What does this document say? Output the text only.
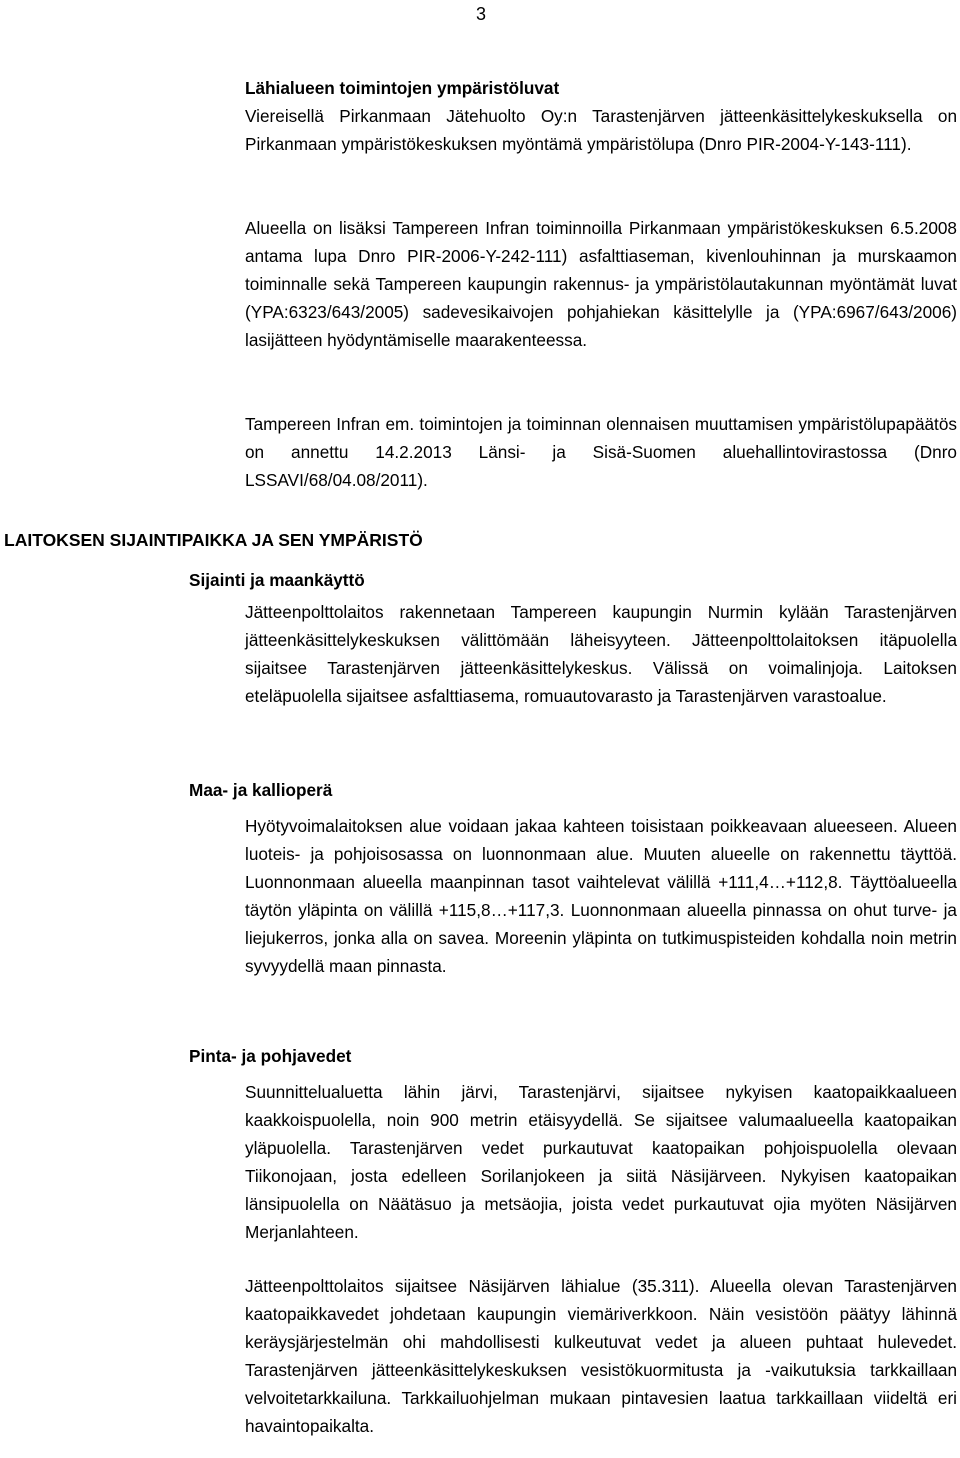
3
Lähialueen toimintojen ympäristöluvat
Viereisellä Pirkanmaan Jätehuolto Oy:n Tarastenjärven jätteenkäsittelykeskuksella on Pirkanmaan ympäristökeskuksen myöntämä ympäristölupa (Dnro PIR-2004-Y-143-111).
Alueella on lisäksi Tampereen Infran toiminnoilla Pirkanmaan ympäristökeskuksen 6.5.2008 antama lupa Dnro PIR-2006-Y-242-111) asfalttiaseman, kivenlouhinnan ja murskaamon toiminnalle sekä Tampereen kaupungin rakennus- ja ympäristölautakunnan myöntämät luvat (YPA:6323/643/2005) sadevesikaivojen pohjahiekan käsittelylle ja (YPA:6967/643/2006) lasijätteen hyödyntämiselle maarakenteessa.
Tampereen Infran em. toimintojen ja toiminnan olennaisen muuttamisen ympäristölupapäätös on annettu 14.2.2013 Länsi- ja Sisä-Suomen aluehallintovirastossa (Dnro LSSAVI/68/04.08/2011).
LAITOKSEN SIJAINTIPAIKKA JA SEN YMPÄRISTÖ
Sijainti ja maankäyttö
Jätteenpolttolaitos rakennetaan Tampereen kaupungin Nurmin kylään Tarastenjärven jätteenkäsittelykeskuksen välittömään läheisyyteen. Jätteenpolttolaitoksen itäpuolella sijaitsee Tarastenjärven jätteenkäsittelykeskus. Välissä on voimalinjoja. Laitoksen eteläpuolella sijaitsee asfalttiasema, romuautovarasto ja Tarastenjärven varastoalue.
Maa- ja kallioperä
Hyötyvoimalaitoksen alue voidaan jakaa kahteen toisistaan poikkeavaan alueeseen. Alueen luoteis- ja pohjoisosassa on luonnonmaan alue. Muuten alueelle on rakennettu täyttöä. Luonnonmaan alueella maanpinnan tasot vaihtelevat välillä +111,4…+112,8. Täyttöalueella täytön yläpinta on välillä +115,8…+117,3. Luonnonmaan alueella pinnassa on ohut turve- ja liejukerros, jonka alla on savea. Moreenin yläpinta on tutkimuspisteiden kohdalla noin metrin syvyydellä maan pinnasta.
Pinta- ja pohjavedet
Suunnittelualuetta lähin järvi, Tarastenjärvi, sijaitsee nykyisen kaatopaikkaalueen kaakkoispuolella, noin 900 metrin etäisyydellä. Se sijaitsee valumaalueella kaatopaikan yläpuolella. Tarastenjärven vedet purkautuvat kaatopaikan pohjoispuolella olevaan Tiikonojaan, josta edelleen Sorilanjokeen ja siitä Näsijärveen. Nykyisen kaatopaikan länsipuolella on Näätäsuo ja metsäojia, joista vedet purkautuvat ojia myöten Näsijärven Merjanlahteen.
Jätteenpolttolaitos sijaitsee Näsijärven lähialue (35.311). Alueella olevan Tarastenjärven kaatopaikkavedet johdetaan kaupungin viemäriverkkoon. Näin vesistöön päätyy lähinnä keräysjärjestelmän ohi mahdollisesti kulkeutuvat vedet ja alueen puhtaat hulevedet. Tarastenjärven jätteenkäsittelykeskuksen vesistökuormitusta ja -vaikutuksia tarkkaillaan velvoitetarkkailuna. Tarkkailuohjelman mukaan pintavesien laatua tarkkaillaan viideltä eri havaintopaikalta.
